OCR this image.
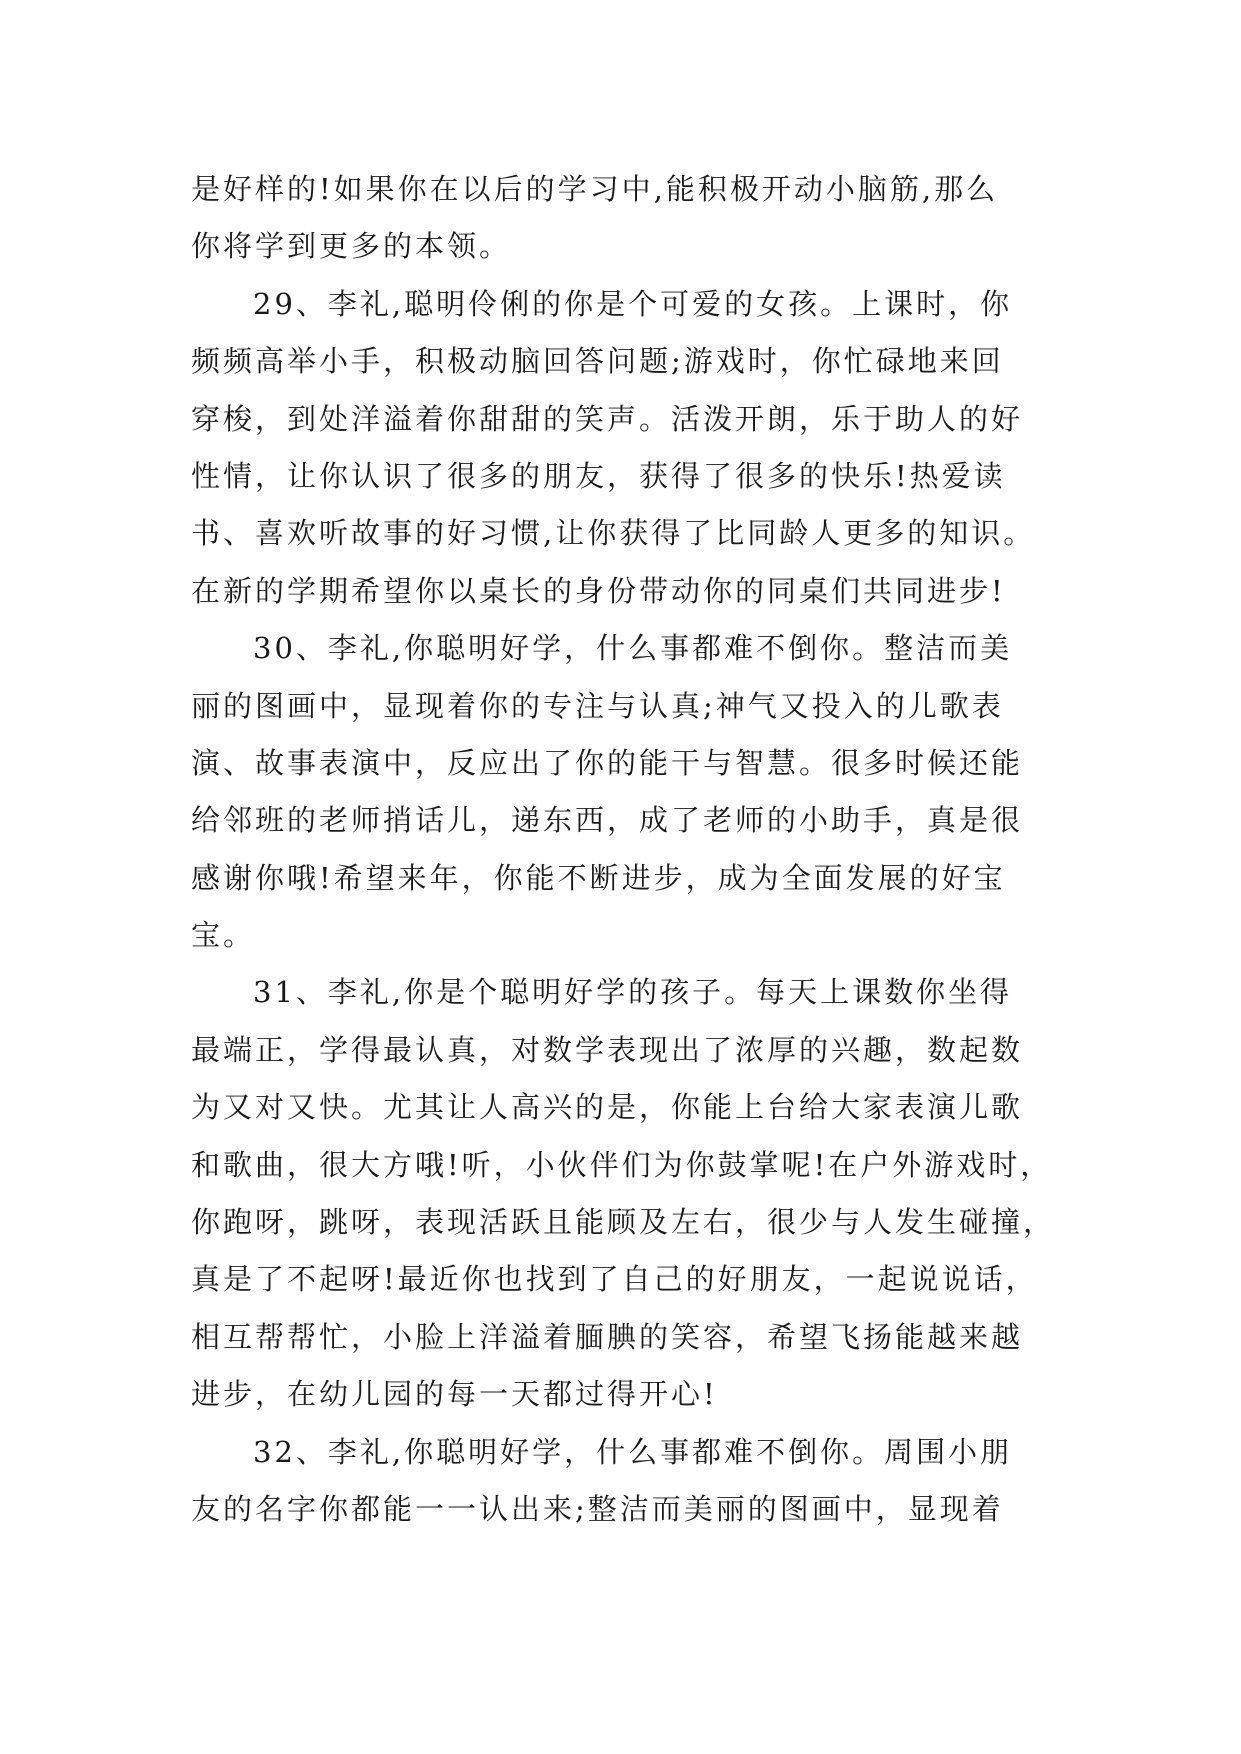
是好样的!如果你在以后的学习中,能积极开动小脑筋,那么
你将学到更多的本领。
29、李礼,聪明伶俐的你是个可爱的女孩。上课时，你
频频高举小手，积极动脑回答问题;游戏时，你忙碌地来回
穿梭，到处洋溢着你甜甜的笑声。活泼开朗，乐于助人的好
性情，让你认识了很多的朋友，获得了很多的快乐!热爱读
书、喜欢听故事的好习惯,让你获得了比同龄人更多的知识。
在新的学期希望你以桌长的身份带动你的同桌们共同进步!
30、李礼,你聪明好学，什么事都难不倒你。整洁而美
丽的图画中，显现着你的专注与认真;神气又投入的儿歌表
演、故事表演中，反应出了你的能干与智慧。很多时候还能
给邻班的老师捎话儿，递东西，成了老师的小助手，真是很
感谢你哦!希望来年，你能不断进步，成为全面发展的好宝
宝。
31、李礼,你是个聪明好学的孩子。每天上课数你坐得
最端正，学得最认真，对数学表现出了浓厚的兴趣，数起数
为又对又快。尤其让人高兴的是，你能上台给大家表演儿歌
和歌曲，很大方哦!听，小伙伴们为你鼓掌呢!在户外游戏时，
你跑呀，跳呀，表现活跃且能顾及左右，很少与人发生碰撞，
真是了不起呀!最近你也找到了自己的好朋友，一起说说话，
相互帮帮忙，小脸上洋溢着腼腆的笑容，希望飞扬能越来越
进步，在幼儿园的每一天都过得开心!
32、李礼,你聪明好学，什么事都难不倒你。周围小朋
友的名字你都能一一认出来;整洁而美丽的图画中，显现着
